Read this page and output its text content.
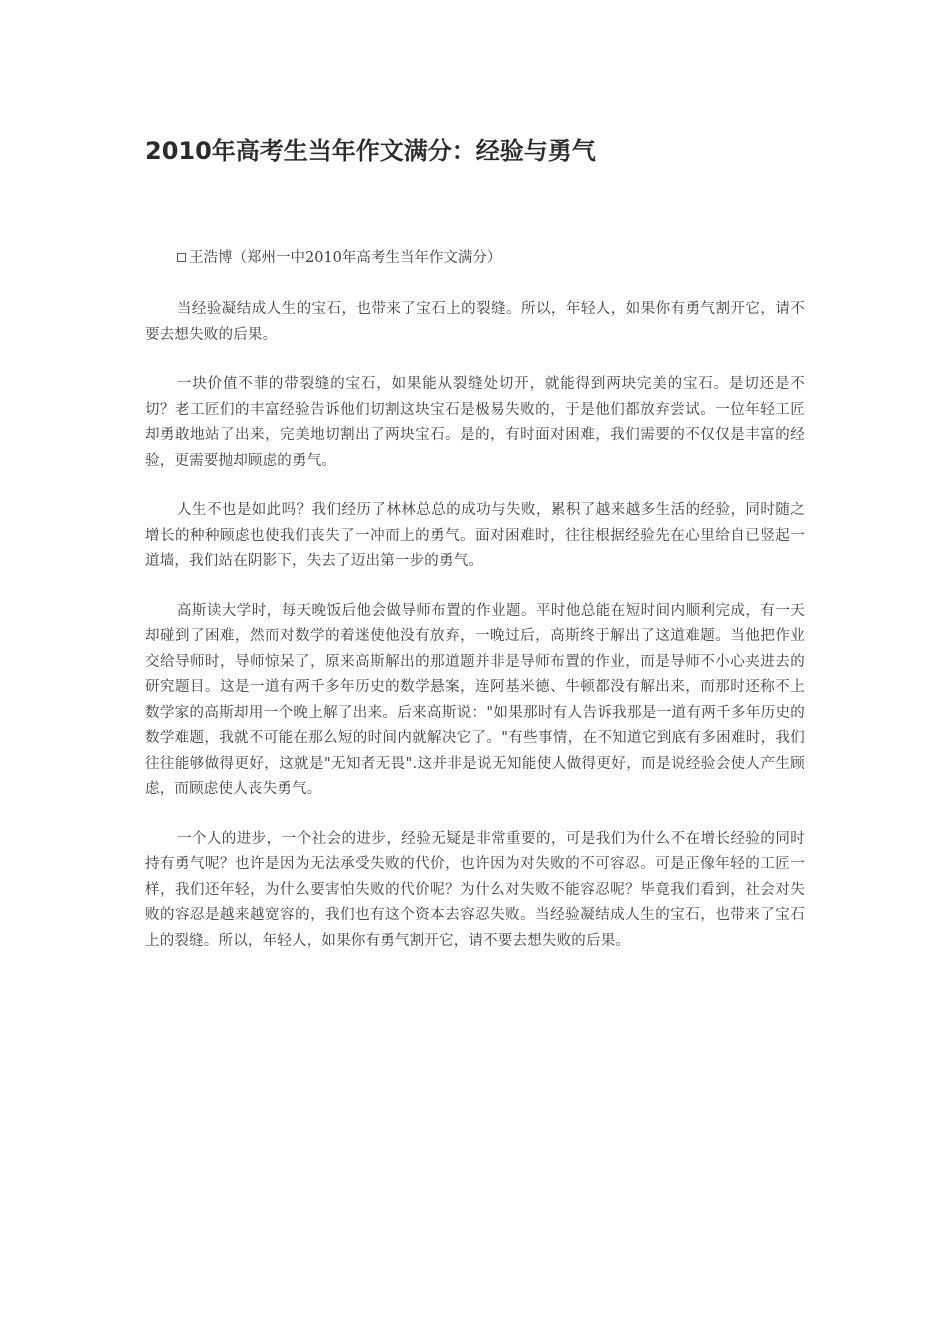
2010年高考生当年作文满分：经验与勇气

王浩博（郑州一中2010年高考生当年作文满分）

当经验凝结成人生的宝石，也带来了宝石上的裂缝。所以，年轻人，如果你有勇气割开它，请不要去想失败的后果。

一块价值不菲的带裂缝的宝石，如果能从裂缝处切开，就能得到两块完美的宝石。是切还是不切？老工匠们的丰富经验告诉他们切割这块宝石是极易失败的，于是他们都放弃尝试。一位年轻工匠却勇敢地站了出来，完美地切割出了两块宝石。是的，有时面对困难，我们需要的不仅仅是丰富的经验，更需要抛却顾虑的勇气。

人生不也是如此吗？我们经历了林林总总的成功与失败，累积了越来越多生活的经验，同时随之增长的种种顾虑也使我们丧失了一冲而上的勇气。面对困难时，往往根据经验先在心里给自已竖起一道墙，我们站在阴影下，失去了迈出第一步的勇气。

高斯读大学时，每天晚饭后他会做导师布置的作业题。平时他总能在短时间内顺利完成，有一天却碰到了困难，然而对数学的着迷使他没有放弃，一晚过后，高斯终于解出了这道难题。当他把作业交给导师时，导师惊呆了，原来高斯解出的那道题并非是导师布置的作业，而是导师不小心夹进去的研究题目。这是一道有两千多年历史的数学悬案，连阿基米德、牛顿都没有解出来，而那时还称不上数学家的高斯却用一个晚上解了出来。后来高斯说："如果那时有人告诉我那是一道有两千多年历史的数学难题，我就不可能在那么短的时间内就解决它了。"有些事情，在不知道它到底有多困难时，我们往往能够做得更好，这就是"无知者无畏".这并非是说无知能使人做得更好，而是说经验会使人产生顾虑，而顾虑使人丧失勇气。

一个人的进步，一个社会的进步，经验无疑是非常重要的，可是我们为什么不在增长经验的同时持有勇气呢？也许是因为无法承受失败的代价，也许因为对失败的不可容忍。可是正像年轻的工匠一样，我们还年轻，为什么要害怕失败的代价呢？为什么对失败不能容忍呢？毕竟我们看到，社会对失败的容忍是越来越宽容的，我们也有这个资本去容忍失败。当经验凝结成人生的宝石，也带来了宝石上的裂缝。所以，年轻人，如果你有勇气割开它，请不要去想失败的后果。
